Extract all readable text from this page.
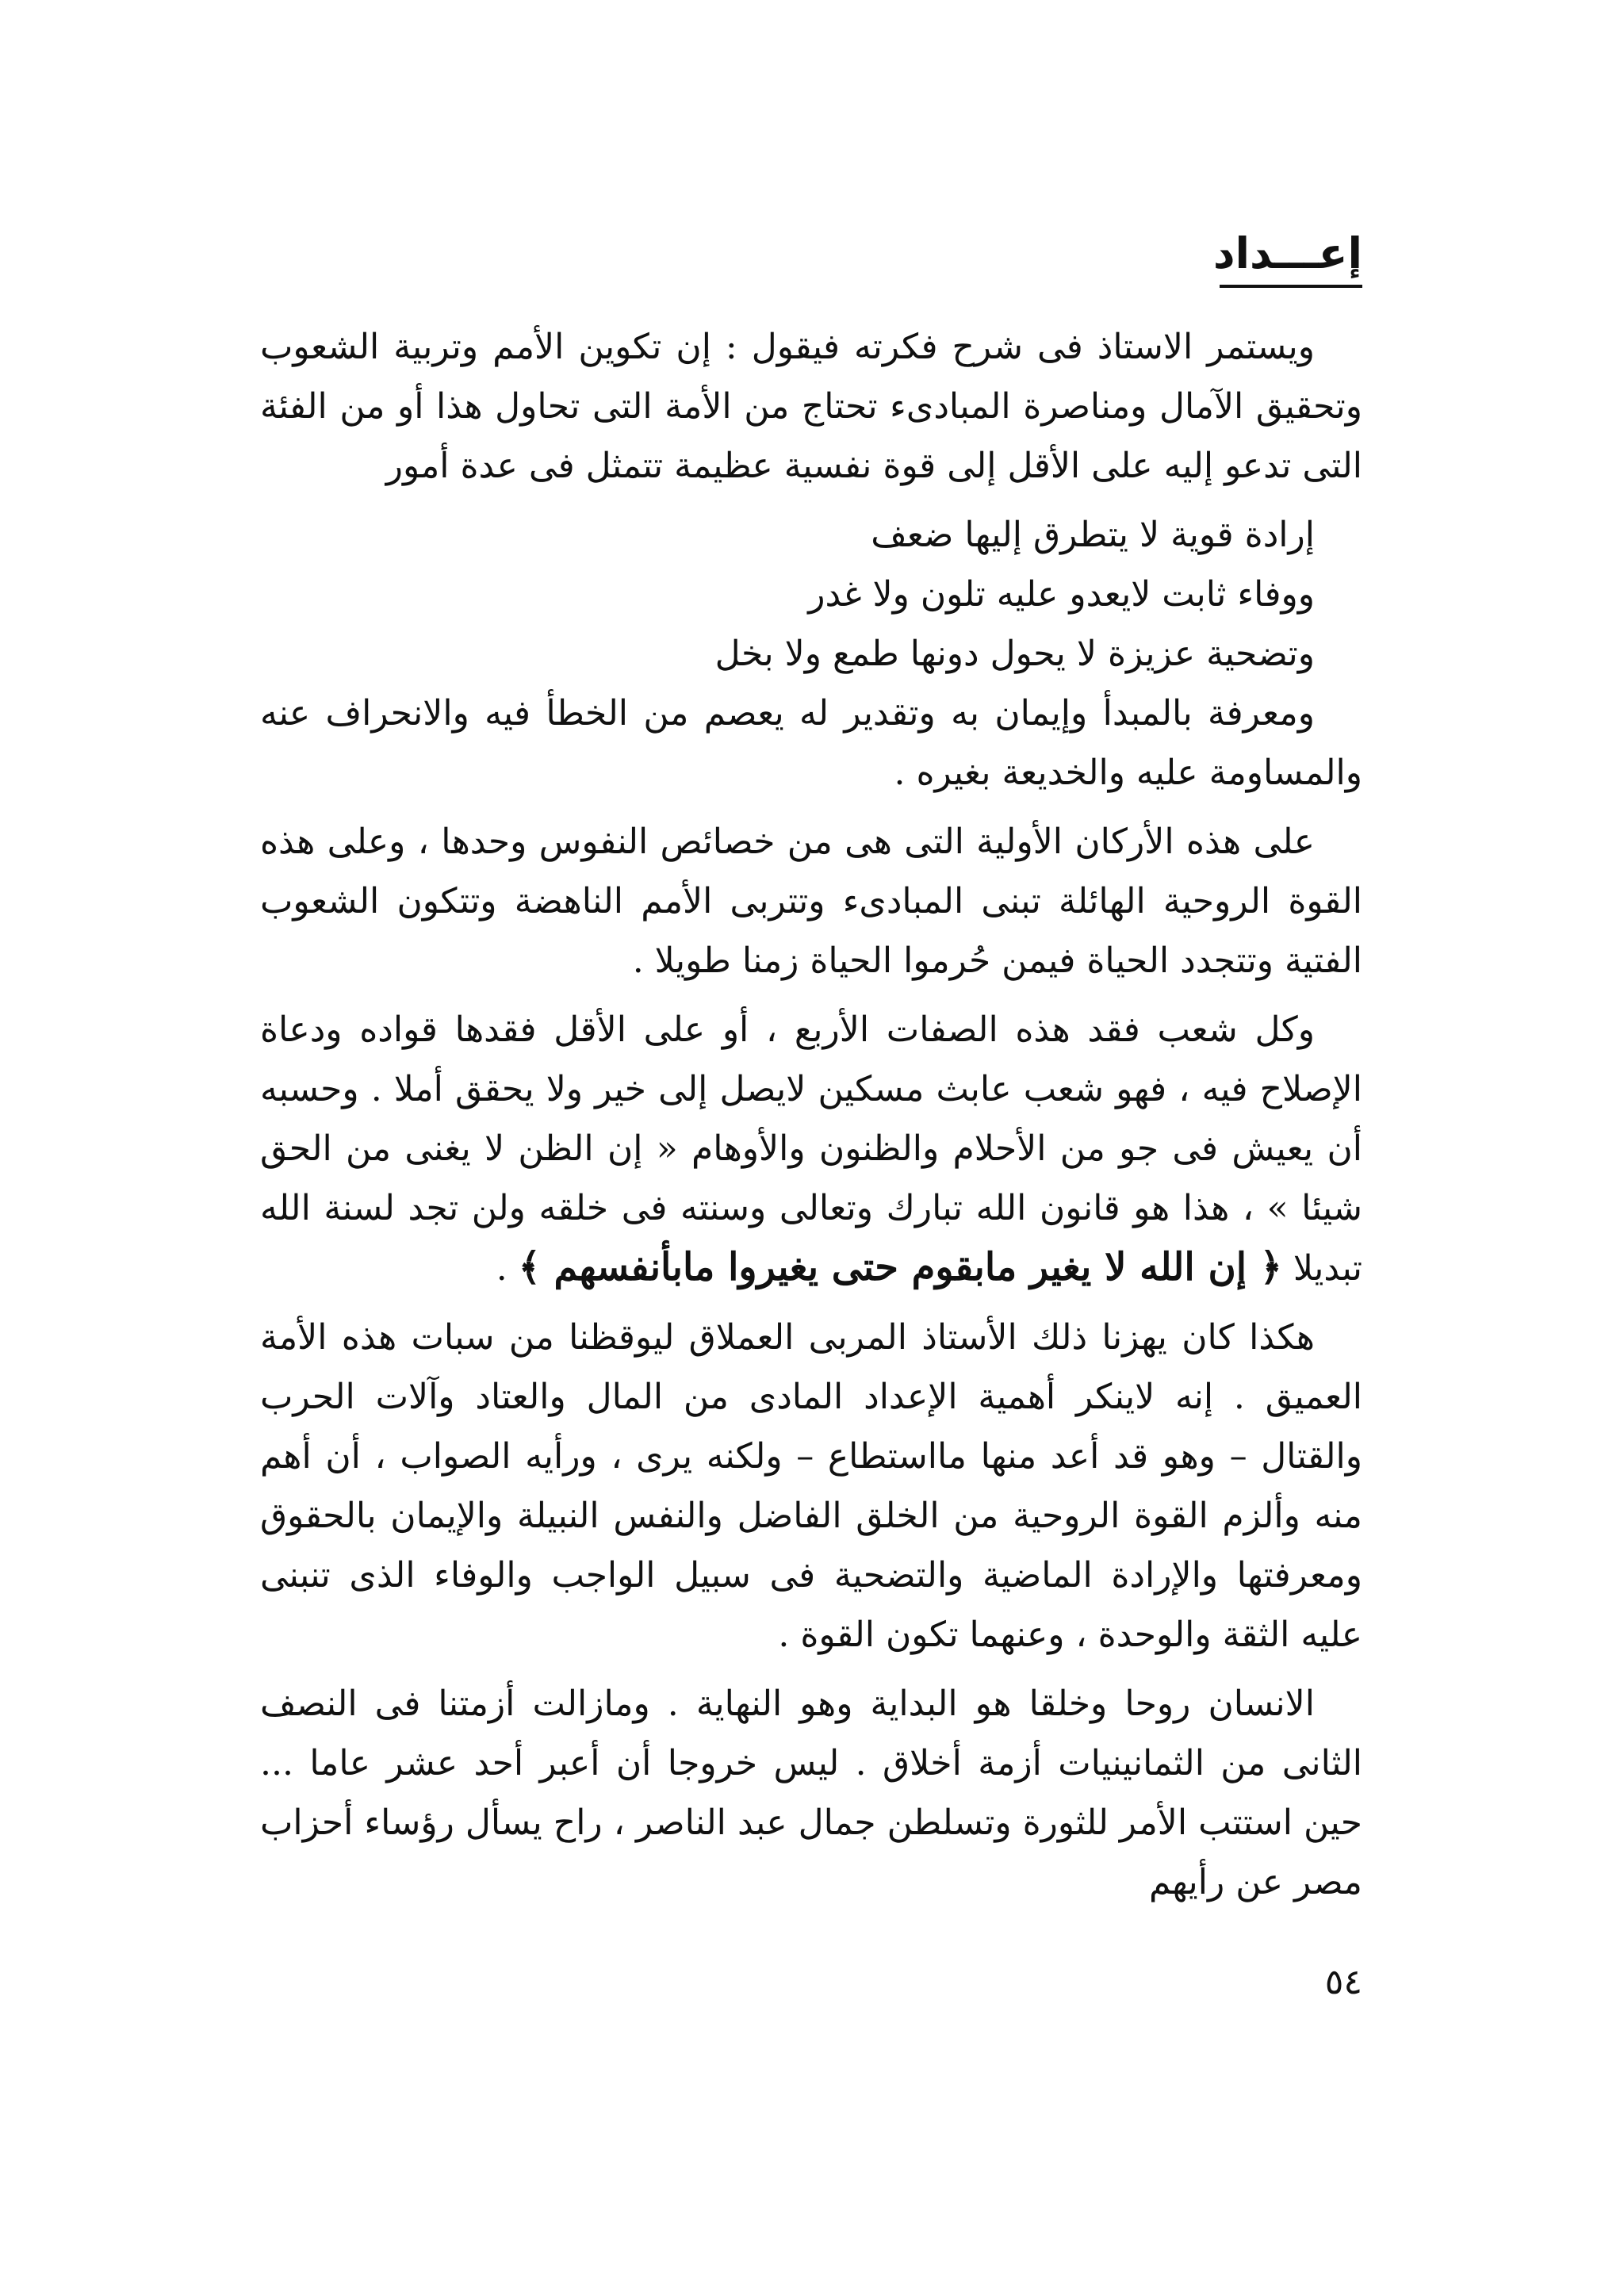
إعـــداد

ويستمر الاستاذ فى شرح فكرته فيقول : إن تكوين الأمم وتربية الشعوب وتحقيق الآمال ومناصرة المبادىء تحتاج من الأمة التى تحاول هذا أو من الفئة التى تدعو إليه على الأقل إلى قوة نفسية عظيمة تتمثل فى عدة أمور

إرادة قوية لا يتطرق إليها ضعف

ووفاء ثابت لايعدو عليه تلون ولا غدر

وتضحية عزيزة لا يحول دونها طمع ولا بخل

ومعرفة بالمبدأ وإيمان به وتقدير له يعصم من الخطأ فيه والانحراف عنه والمساومة عليه والخديعة بغيره .

على هذه الأركان الأولية التى هى من خصائص النفوس وحدها ، وعلى هذه القوة الروحية الهائلة تبنى المبادىء وتتربى الأمم الناهضة وتتكون الشعوب الفتية وتتجدد الحياة فيمن حُرموا الحياة زمنا طويلا .

وكل شعب فقد هذه الصفات الأربع ، أو على الأقل فقدها قواده ودعاة الإصلاح فيه ، فهو شعب عابث مسكين لايصل إلى خير ولا يحقق أملا . وحسبه أن يعيش فى جو من الأحلام والظنون والأوهام « إن الظن لا يغنى من الحق شيئا » ، هذا هو قانون الله تبارك وتعالى وسنته فى خلقه ولن تجد لسنة الله تبديلا ﴿ إن الله لا يغير مابقوم حتى يغيروا مابأنفسهم ﴾ .

هكذا كان يهزنا ذلك الأستاذ المربى العملاق ليوقظنا من سبات هذه الأمة العميق . إنه لاينكر أهمية الإعداد المادى من المال والعتاد وآلات الحرب والقتال – وهو قد أعد منها مااستطاع – ولكنه يرى ، ورأيه الصواب ، أن أهم منه وألزم القوة الروحية من الخلق الفاضل والنفس النبيلة والإيمان بالحقوق ومعرفتها والإرادة الماضية والتضحية فى سبيل الواجب والوفاء الذى تنبنى عليه الثقة والوحدة ، وعنهما تكون القوة .

الانسان روحا وخلقا هو البداية وهو النهاية . ومازالت أزمتنا فى النصف الثانى من الثمانينيات أزمة أخلاق . ليس خروجا أن أعبر أحد عشر عاما ... حين استتب الأمر للثورة وتسلطن جمال عبد الناصر ، راح يسأل رؤساء أحزاب مصر عن رأيهم

٥٤
